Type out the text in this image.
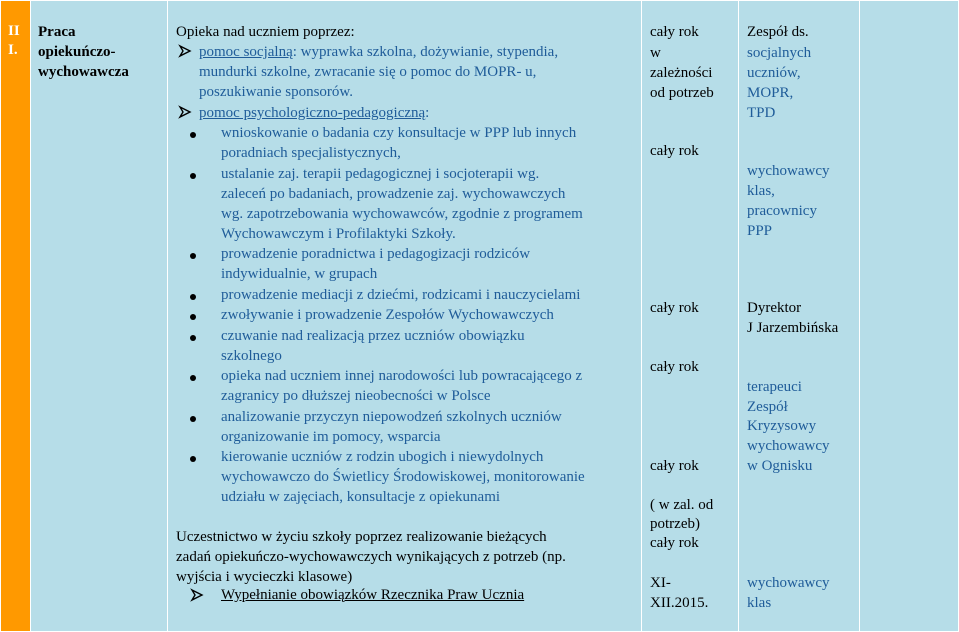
II
I.
Praca
opiekuńczo-
wychowawcza
Opieka nad uczniem poprzez:
pomoc socjalną: wyprawka szkolna, dożywianie, stypendia,
mundurki szkolne, zwracanie się o pomoc do MOPR- u,
poszukiwanie sponsorów.
pomoc psychologiczno-pedagogiczną:
wnioskowanie o badania czy konsultacje w PPP lub innych
poradniach specjalistycznych,
ustalanie zaj. terapii pedagogicznej i socjoterapii wg.
zaleceń po badaniach, prowadzenie zaj. wychowawczych
wg. zapotrzebowania wychowawców, zgodnie z programem
Wychowawczym i Profilaktyki Szkoły.
prowadzenie poradnictwa i pedagogizacji rodziców
indywidualnie, w grupach
prowadzenie mediacji z dziećmi, rodzicami i nauczycielami
zwoływanie i prowadzenie Zespołów Wychowawczych
czuwanie nad realizacją przez uczniów obowiązku
szkolnego
opieka nad uczniem innej narodowości lub powracającego z
zagranicy po dłuższej nieobecności w Polsce
analizowanie przyczyn niepowodzeń szkolnych uczniów
organizowanie im pomocy, wsparcia
kierowanie uczniów z rodzin ubogich i niewydolnych
wychowawczo do Świetlicy Środowiskowej, monitorowanie
udziału w zajęciach, konsultacje z opiekunami
Uczestnictwo w życiu szkoły poprzez realizowanie bieżących
zadań opiekuńczo-wychowawczych wynikających z potrzeb (np.
wyjścia i wycieczki klasowe)
Wypełnianie obowiązków Rzecznika Praw Ucznia
cały rok
w
zależności
od potrzeb
cały rok
cały rok
cały rok
cały rok
( w zal. od
potrzeb)
cały rok
XI-
XII.2015.
Zespół ds.
socjalnych
uczniów,
MOPR,
TPD
wychowawcy
klas,
pracownicy
PPP
Dyrektor
J Jarzembińska
terapeuci
Zespół
Kryzysowy
wychowawcy
w Ognisku
wychowawcy
klas
